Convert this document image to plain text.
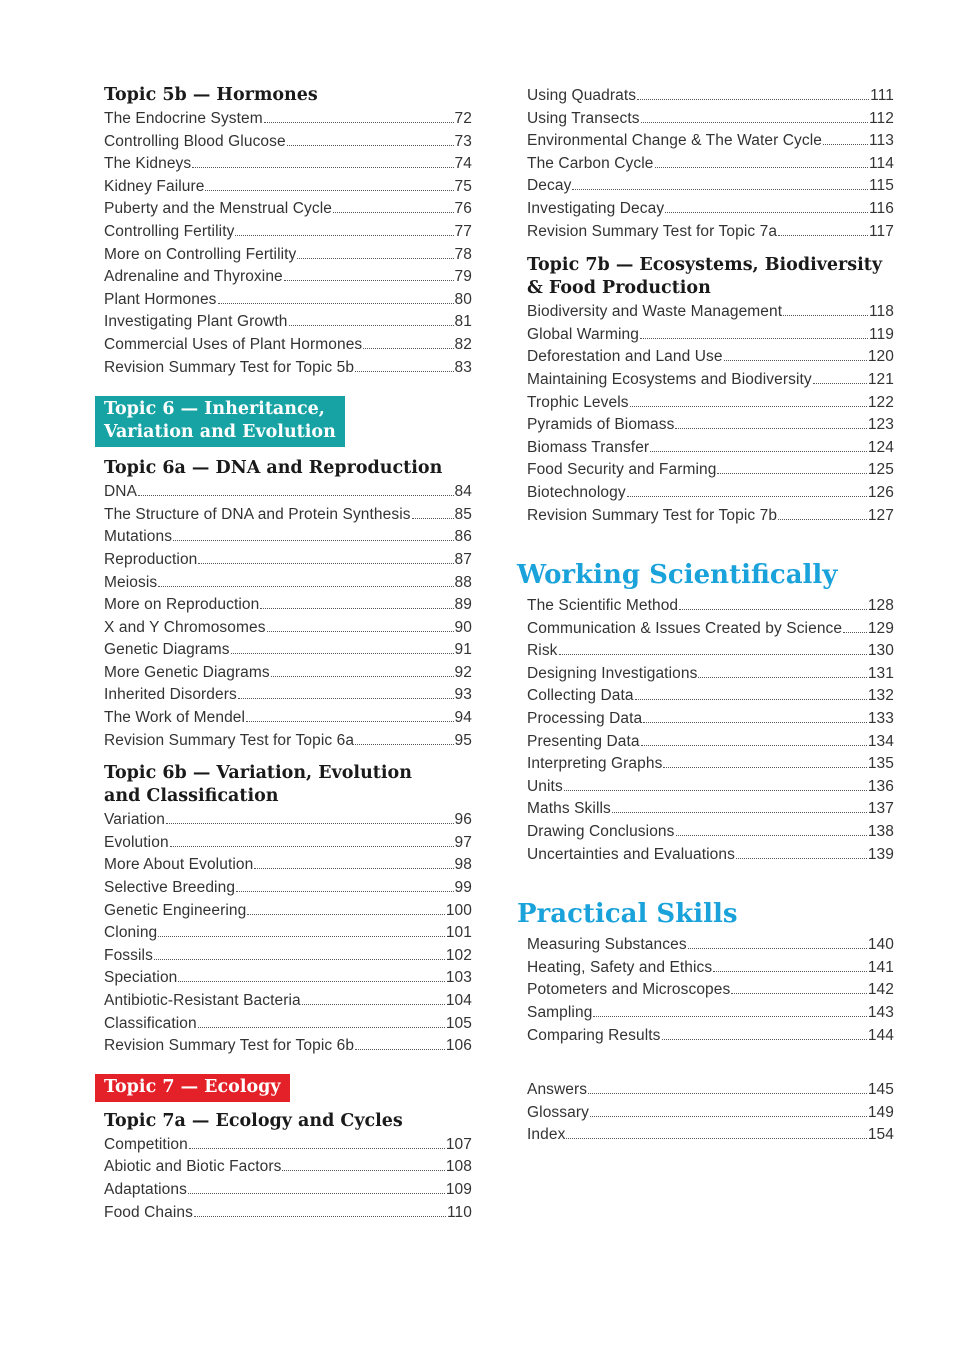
Topic 5b — Hormones
The Endocrine System	72
Controlling Blood Glucose	73
The Kidneys	74
Kidney Failure	75
Puberty and the Menstrual Cycle	76
Controlling Fertility	77
More on Controlling Fertility	78
Adrenaline and Thyroxine	79
Plant Hormones	80
Investigating Plant Growth	81
Commercial Uses of Plant Hormones	82
Revision Summary Test for Topic 5b	83
Topic 6 — Inheritance,
Variation and Evolution
Topic 6a — DNA and Reproduction
DNA	84
The Structure of DNA and Protein Synthesis	85
Mutations	86
Reproduction	87
Meiosis	88
More on Reproduction	89
X and Y Chromosomes	90
Genetic Diagrams	91
More Genetic Diagrams	92
Inherited Disorders	93
The Work of Mendel	94
Revision Summary Test for Topic 6a	95
Topic 6b — Variation, Evolution
and Classification
Variation	96
Evolution	97
More About Evolution	98
Selective Breeding	99
Genetic Engineering	100
Cloning	101
Fossils	102
Speciation	103
Antibiotic-Resistant Bacteria	104
Classification	105
Revision Summary Test for Topic 6b	106
Topic 7 — Ecology
Topic 7a — Ecology and Cycles
Competition	107
Abiotic and Biotic Factors	108
Adaptations	109
Food Chains	110
Using Quadrats	111
Using Transects	112
Environmental Change & The Water Cycle	113
The Carbon Cycle	114
Decay	115
Investigating Decay	116
Revision Summary Test for Topic 7a	117
Topic 7b — Ecosystems, Biodiversity
& Food Production
Biodiversity and Waste Management	118
Global Warming	119
Deforestation and Land Use	120
Maintaining Ecosystems and Biodiversity	121
Trophic Levels	122
Pyramids of Biomass	123
Biomass Transfer	124
Food Security and Farming	125
Biotechnology	126
Revision Summary Test for Topic 7b	127
Working Scientifically
The Scientific Method	128
Communication & Issues Created by Science 129
Risk	130
Designing Investigations	131
Collecting Data	132
Processing Data	133
Presenting Data	134
Interpreting Graphs	135
Units	136
Maths Skills	137
Drawing Conclusions	138
Uncertainties and Evaluations	139
Practical Skills
Measuring Substances	140
Heating, Safety and Ethics	141
Potometers and Microscopes	142
Sampling	143
Comparing Results	144
Answers	145
Glossary	149
Index	154
